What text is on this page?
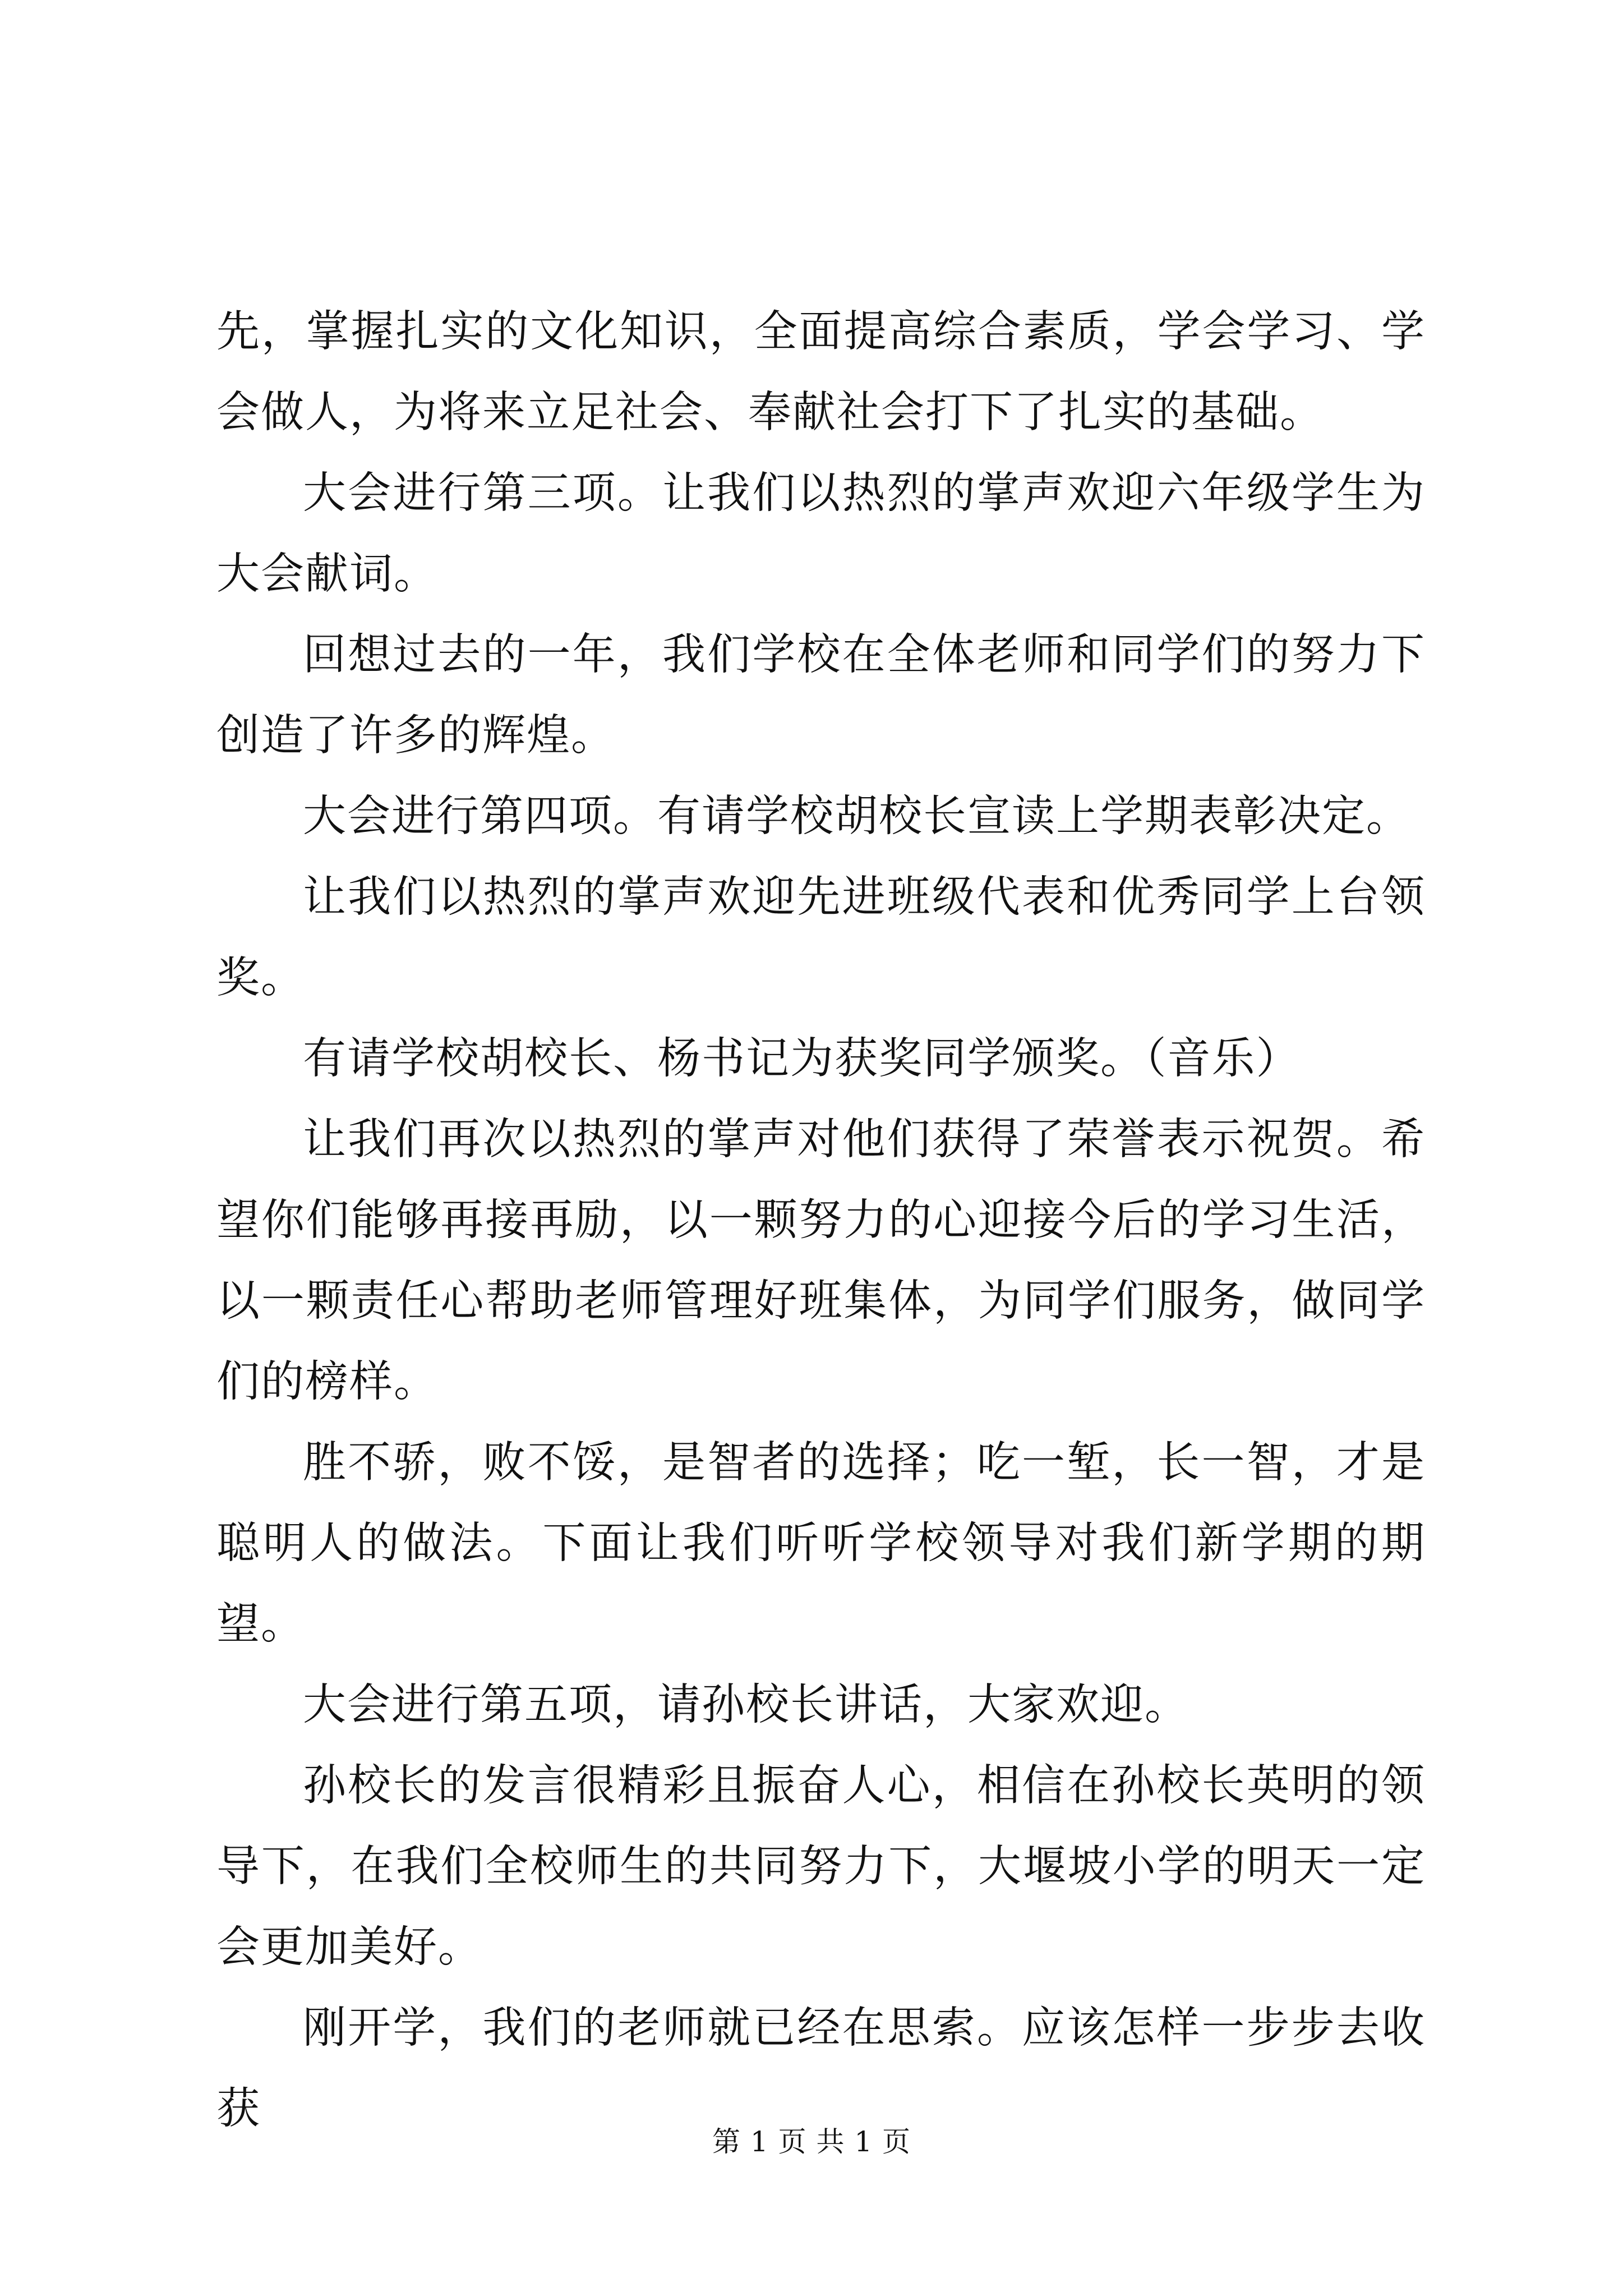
先，掌握扎实的文化知识，全面提高综合素质，学会学习、学会做人，为将来立足社会、奉献社会打下了扎实的基础。

大会进行第三项。让我们以热烈的掌声欢迎六年级学生为大会献词。

回想过去的一年，我们学校在全体老师和同学们的努力下创造了许多的辉煌。

大会进行第四项。有请学校胡校长宣读上学期表彰决定。

让我们以热烈的掌声欢迎先进班级代表和优秀同学上台领奖。

有请学校胡校长、杨书记为获奖同学颁奖。（音乐）

让我们再次以热烈的掌声对他们获得了荣誉表示祝贺。希望你们能够再接再励，以一颗努力的心迎接今后的学习生活，以一颗责任心帮助老师管理好班集体，为同学们服务，做同学们的榜样。

胜不骄，败不馁，是智者的选择；吃一堑，长一智，才是聪明人的做法。下面让我们听听学校领导对我们新学期的期望。

大会进行第五项，请孙校长讲话，大家欢迎。

孙校长的发言很精彩且振奋人心，相信在孙校长英明的领导下，在我们全校师生的共同努力下，大堰坡小学的明天一定会更加美好。

刚开学，我们的老师就已经在思索。应该怎样一步步去收获

第 1 页 共 1 页
